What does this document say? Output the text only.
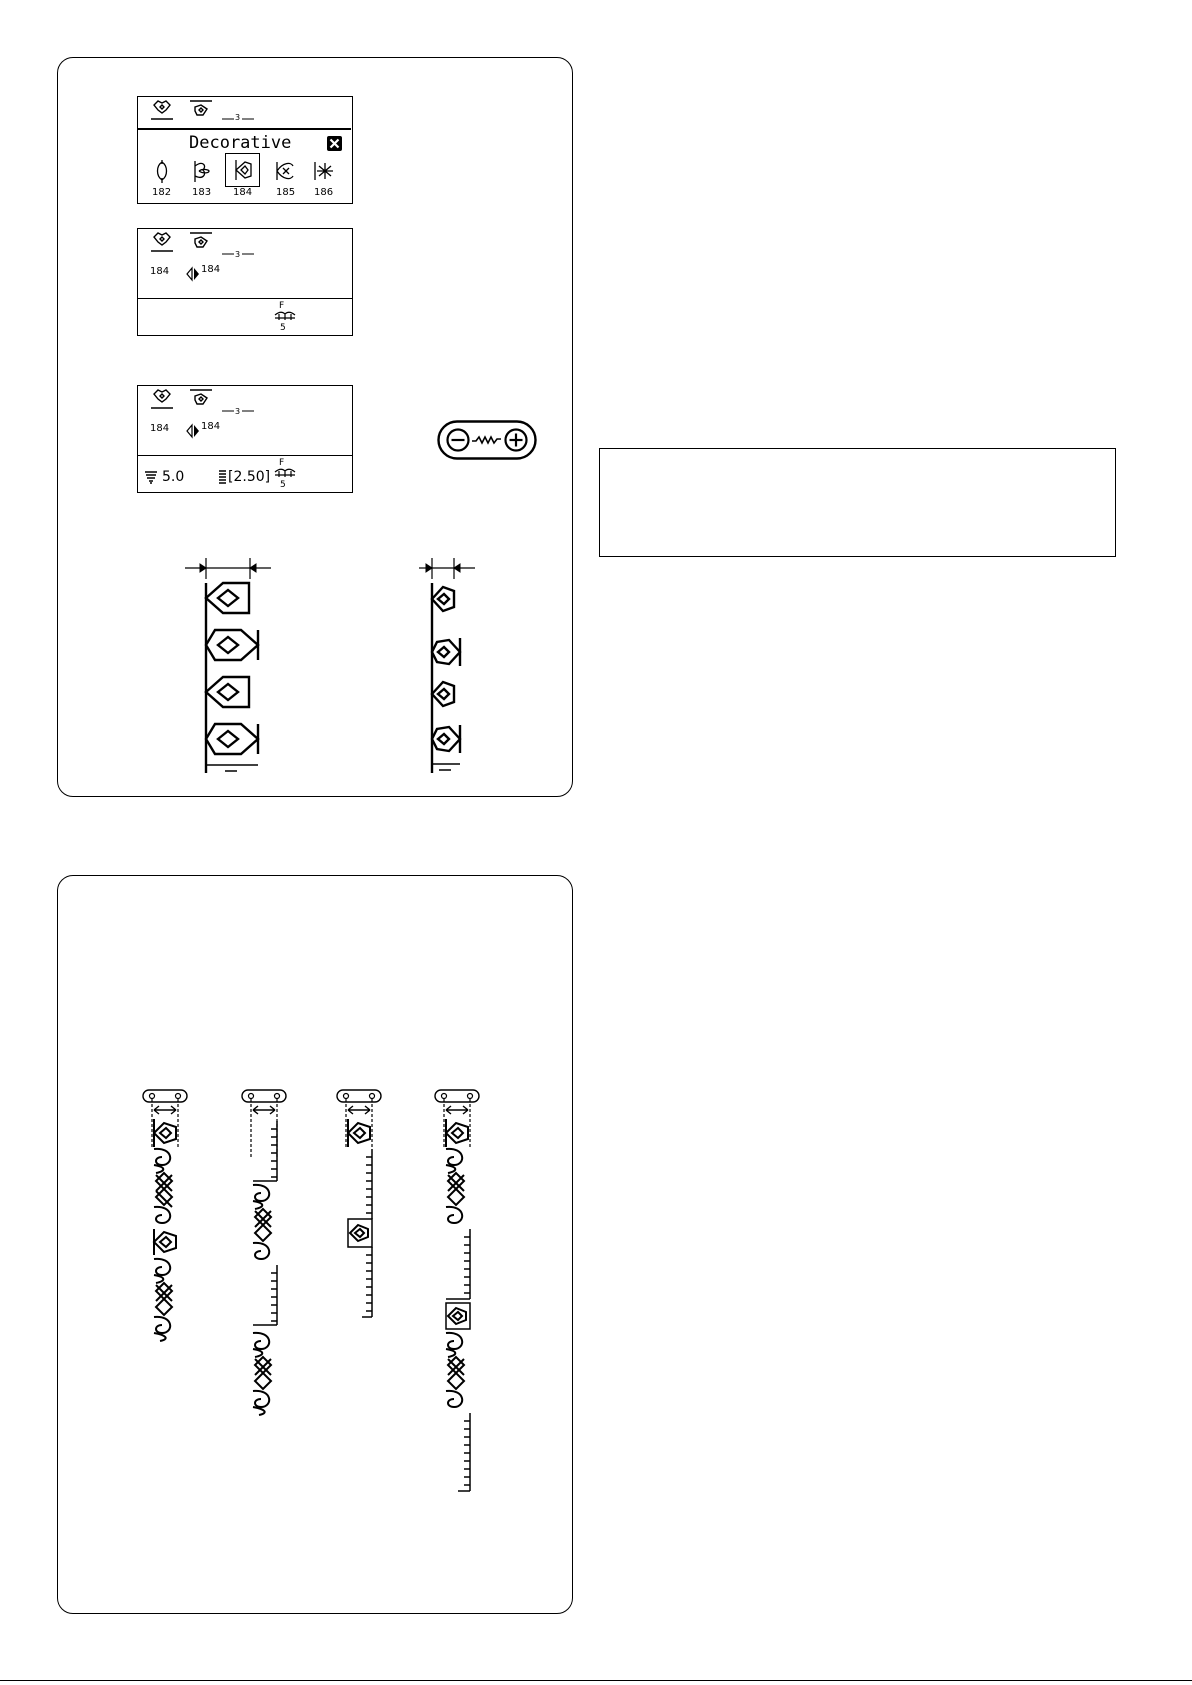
3
Decorative
182 183 184 185 186
3
184	184
F
5
3
184	184
5.0	[2.50]
F
5
